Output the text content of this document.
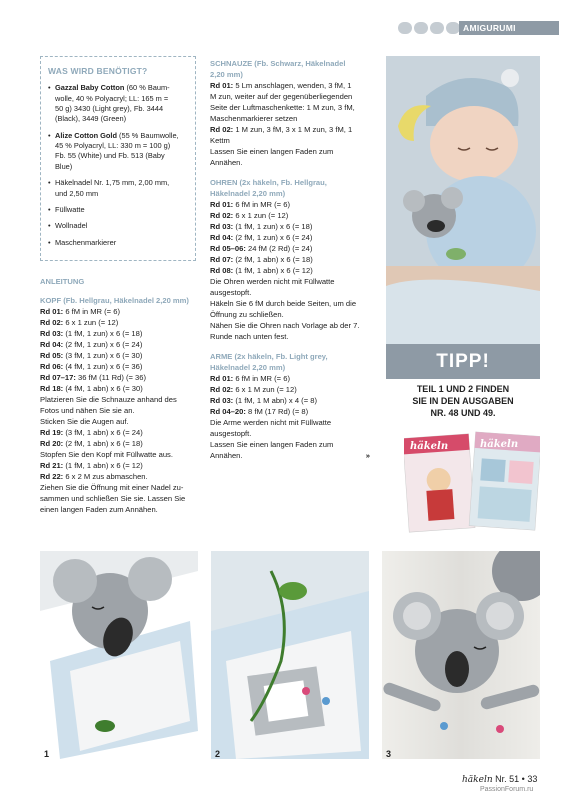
AMIGURUMI
WAS WIRD BENÖTIGT?
• Gazzal Baby Cotton (60 % Baum-
wolle, 40 % Polyacryl; LL: 165 m =
50 g) 3430 (Light grey), Fb. 3444
(Black), 3449 (Green)
• Alize Cotton Gold (55 % Baumwolle,
45 % Polyacryl, LL: 330 m = 100 g)
Fb. 55 (White) und Fb. 513 (Baby
Blue)
• Häkelnadel Nr. 1,75 mm, 2,00 mm,
und 2,50 mm
• Füllwatte
• Wollnadel
• Maschenmarkierer
ANLEITUNG
KOPF (Fb. Hellgrau, Häkelnadel 2,20 mm)
Rd 01: 6 fM in MR (= 6)
Rd 02: 6 x 1 zun (= 12)
Rd 03: (1 fM, 1 zun) x 6 (= 18)
Rd 04: (2 fM, 1 zun) x 6 (= 24)
Rd 05: (3 fM, 1 zun) x 6 (= 30)
Rd 06: (4 fM, 1 zun) x 6 (= 36)
Rd 07–17: 36 fM (11 Rd) (= 36)
Rd 18: (4 fM, 1 abn) x 6 (= 30)
Platzieren Sie die Schnauze anhand des
Fotos und nähen Sie sie an.
Sticken Sie die Augen auf.
Rd 19: (3 fM, 1 abn) x 6 (= 24)
Rd 20: (2 fM, 1 abn) x 6 (= 18)
Stopfen Sie den Kopf mit Füllwatte aus.
Rd 21: (1 fM, 1 abn) x 6 (= 12)
Rd 22: 6 x 2 M zus abmaschen.
Ziehen Sie die Öffnung mit einer Nadel zu-
sammen und schließen Sie sie. Lassen Sie
einen langen Faden zum Annähen.
SCHNAUZE (Fb. Schwarz, Häkelnadel
2,20 mm)
Rd 01: 5 Lm anschlagen, wenden, 3 fM, 1
M zun, weiter auf der gegenüberliegenden
Seite der Luftmaschenkette: 1 M zun, 3 fM,
Maschenmarkierer setzen
Rd 02: 1 M zun, 3 fM, 3 x 1 M zun, 3 fM, 1
Kettm
Lassen Sie einen langen Faden zum
Annähen.
OHREN (2x häkeln, Fb. Hellgrau,
Häkelnadel 2,20 mm)
Rd 01: 6 fM in MR (= 6)
Rd 02: 6 x 1 zun (= 12)
Rd 03: (1 fM, 1 zun) x 6 (= 18)
Rd 04: (2 fM, 1 zun) x 6 (= 24)
Rd 05–06: 24 fM (2 Rd) (= 24)
Rd 07: (2 fM, 1 abn) x 6 (= 18)
Rd 08: (1 fM, 1 abn) x 6 (= 12)
Die Ohren werden nicht mit Füllwatte
ausgestopft.
Häkeln Sie 6 fM durch beide Seiten, um die
Öffnung zu schließen.
Nähen Sie die Ohren nach Vorlage ab der 7.
Runde nach unten fest.
ARME (2x häkeln, Fb. Light grey,
Häkelnadel 2,20 mm)
Rd 01: 6 fM in MR (= 6)
Rd 02: 6 x 1 M zun (= 12)
Rd 03: (1 fM, 1 M abn) x 4 (= 8)
Rd 04–20: 8 fM (17 Rd) (= 8)
Die Arme werden nicht mit Füllwatte
ausgestopft.
Lassen Sie einen langen Faden zum
Annähen.	»
TIPP!
TEIL 1 UND 2 FINDEN
SIE IN DEN AUSGABEN
NR. 48 UND 49.
häkeln	häkeln
1	2	3
häkeln Nr. 51 • 33
PassionForum.ru
